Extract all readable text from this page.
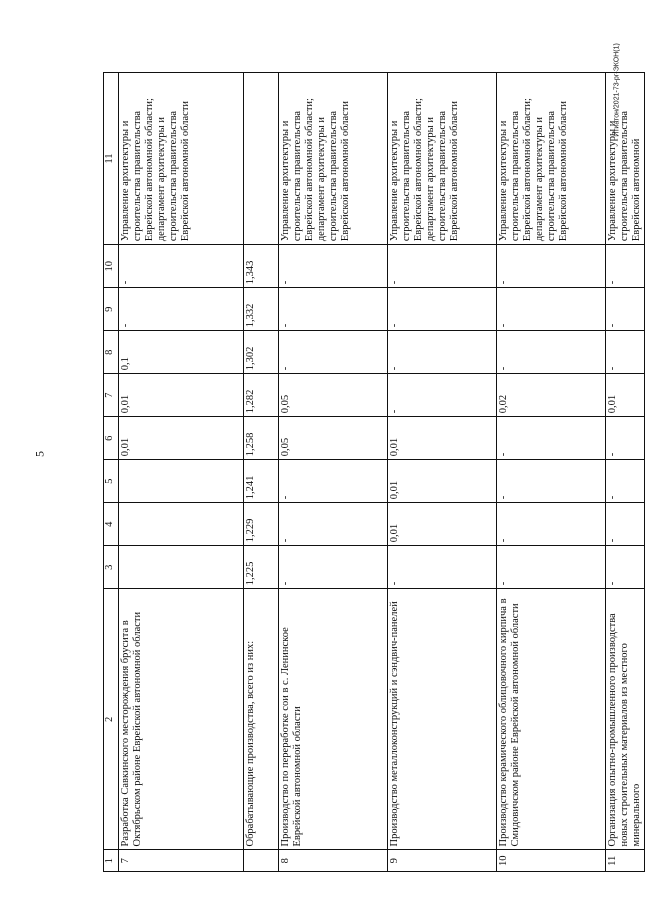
5
Итиатон/2021-73-рг-ЭКОН(1)
1	2	3	4	5	6	7	8	9	10	11
7	Разработка Савкинского месторождения брусита в Октябрьском районе Еврейской автономной области				0,01	0,01	0,1	-	-	Управление архитектуры и строительства правительства Еврейской автономной области; департамент архитектуры и строительства правительства Еврейской автономной области
	Обрабатывающие производства, всего из них:	1,225	1,229	1,241	1,258	1,282	1,302	1,332	1,343	
8	Производство по переработке сои в с. Ленинское Еврейской автономной области	-	-	-	0,05	0,05	-	-	-	Управление архитектуры и строительства правительства Еврейской автономной области; департамент архитектуры и строительства правительства Еврейской автономной области
9	Производство металлоконструкций и сэндвич-панелей	-	0,01	0,01	0,01	-	-	-	-	Управление архитектуры и строительства правительства Еврейской автономной области; департамент архитектуры и строительства правительства Еврейской автономной области
10	Производство керамического облицовочного кирпича в Смидовичском районе Еврейской автономной области	-	-	-	-	0,02	-	-	-	Управление архитектуры и строительства правительства Еврейской автономной области; департамент архитектуры и строительства правительства Еврейской автономной области
11	Организация опытно-промышленного производства новых строительных материалов из местного минерального	-	-	-	-	0,01	-	-	-	Управление архитектуры и строительства правительства Еврейской автономной
